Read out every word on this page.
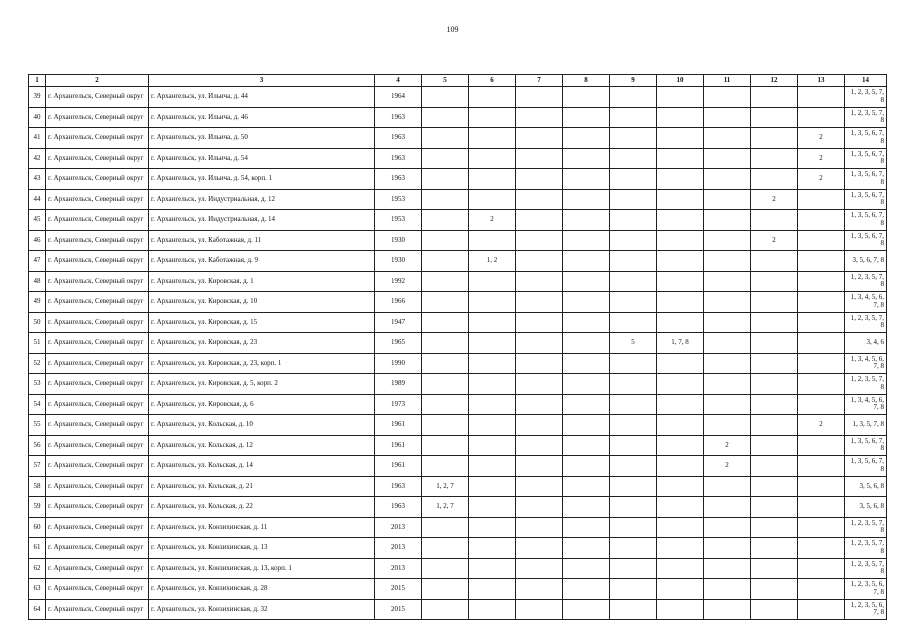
109
1	2	3	4	5	6	7	8	9	10	11	12	13	14
39	г. Архангельск, Северный округ	г. Архангельск, ул. Ильича, д. 44	1964										1, 2, 3, 5, 7, 8
40	г. Архангельск, Северный округ	г. Архангельск, ул. Ильича, д. 46	1963										1, 2, 3, 5, 7, 8
41	г. Архангельск, Северный округ	г. Архангельск, ул. Ильича, д. 50	1963									2	1, 3, 5, 6, 7, 8
42	г. Архангельск, Северный округ	г. Архангельск, ул. Ильича, д. 54	1963									2	1, 3, 5, 6, 7, 8
43	г. Архангельск, Северный округ	г. Архангельск, ул. Ильича, д. 54, корп. 1	1963									2	1, 3, 5, 6, 7, 8
44	г. Архангельск, Северный округ	г. Архангельск, ул. Индустриальная, д. 12	1953								2		1, 3, 5, 6, 7, 8
45	г. Архангельск, Северный округ	г. Архангельск, ул. Индустриальная, д. 14	1953		2								1, 3, 5, 6, 7, 8
46	г. Архангельск, Северный округ	г. Архангельск, ул. Каботажная, д. 11	1930								2		1, 3, 5, 6, 7, 8
47	г. Архангельск, Северный округ	г. Архангельск, ул. Каботажная, д. 9	1930		1, 2								3, 5, 6, 7, 8
48	г. Архангельск, Северный округ	г. Архангельск, ул. Кировская, д. 1	1992										1, 2, 3, 5, 7, 8
49	г. Архангельск, Северный округ	г. Архангельск, ул. Кировская, д. 10	1966										1, 3, 4, 5, 6, 7, 8
50	г. Архангельск, Северный округ	г. Архангельск, ул. Кировская, д. 15	1947										1, 2, 3, 5, 7, 8
51	г. Архангельск, Северный округ	г. Архангельск, ул. Кировская, д. 23	1965					5	1, 7, 8				3, 4, 6
52	г. Архангельск, Северный округ	г. Архангельск, ул. Кировская, д. 23, корп. 1	1990										1, 3, 4, 5, 6, 7, 8
53	г. Архангельск, Северный округ	г. Архангельск, ул. Кировская, д. 5, корп. 2	1989										1, 2, 3, 5, 7, 8
54	г. Архангельск, Северный округ	г. Архангельск, ул. Кировская, д. 6	1973										1, 3, 4, 5, 6, 7, 8
55	г. Архангельск, Северный округ	г. Архангельск, ул. Кольская, д. 10	1961									2	1, 3, 5, 7, 8
56	г. Архангельск, Северный округ	г. Архангельск, ул. Кольская, д. 12	1961							2			1, 3, 5, 6, 7, 8
57	г. Архангельск, Северный округ	г. Архангельск, ул. Кольская, д. 14	1961							2			1, 3, 5, 6, 7, 8
58	г. Архангельск, Северный округ	г. Архангельск, ул. Кольская, д. 21	1963	1, 2, 7									3, 5, 6, 8
59	г. Архангельск, Северный округ	г. Архангельск, ул. Кольская, д. 22	1963	1, 2, 7									3, 5, 6, 8
60	г. Архангельск, Северный округ	г. Архангельск, ул. Конзихинская, д. 11	2013										1, 2, 3, 5, 7, 8
61	г. Архангельск, Северный округ	г. Архангельск, ул. Конзихинская, д. 13	2013										1, 2, 3, 5, 7, 8
62	г. Архангельск, Северный округ	г. Архангельск, ул. Конзихинская, д. 13, корп. 1	2013										1, 2, 3, 5, 7, 8
63	г. Архангельск, Северный округ	г. Архангельск, ул. Конзихинская, д. 28	2015										1, 2, 3, 5, 6, 7, 8
64	г. Архангельск, Северный округ	г. Архангельск, ул. Конзихинская, д. 32	2015										1, 2, 3, 5, 6, 7, 8
